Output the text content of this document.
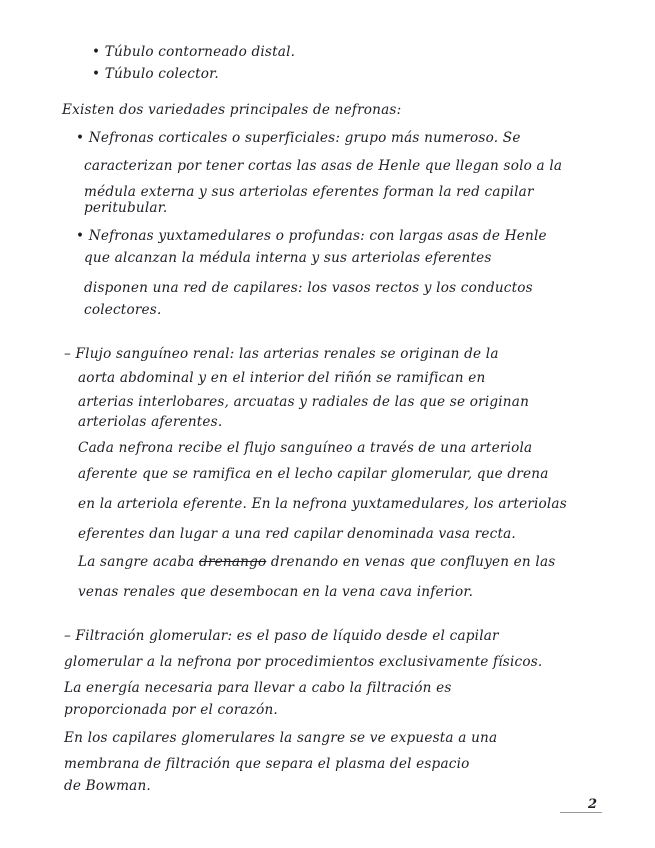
• Túbulo contorneado distal.
• Túbulo colector.
Existen dos variedades principales de nefronas:
• Nefronas corticales o superficiales: grupo más numeroso. Se
caracterizan por tener cortas las asas de Henle que llegan solo a la
médula externa y sus arteriolas eferentes forman la red capilar
peritubular.
• Nefronas yuxtamedulares o profundas: con largas asas de Henle
que alcanzan la médula interna y sus arteriolas eferentes
disponen una red de capilares: los vasos rectos y los conductos
colectores.
– Flujo sanguíneo renal: las arterias renales se originan de la
aorta abdominal y en el interior del riñón se ramifican en
arterias interlobares, arcuatas y radiales de las que se originan
arteriolas aferentes.
Cada nefrona recibe el flujo sanguíneo a través de una arteriola
aferente que se ramifica en el lecho capilar glomerular, que drena
en la arteriola eferente. En la nefrona yuxtamedulares, los arteriolas
eferentes dan lugar a una red capilar denominada vasa recta.
La sangre acaba drenango drenando en venas que confluyen en las
venas renales que desembocan en la vena cava inferior.
– Filtración glomerular: es el paso de líquido desde el capilar
glomerular a la nefrona por procedimientos exclusivamente físicos.
La energía necesaria para llevar a cabo la filtración es
proporcionada por el corazón.
En los capilares glomerulares la sangre se ve expuesta a una
membrana de filtración que separa el plasma del espacio
de Bowman.
2
